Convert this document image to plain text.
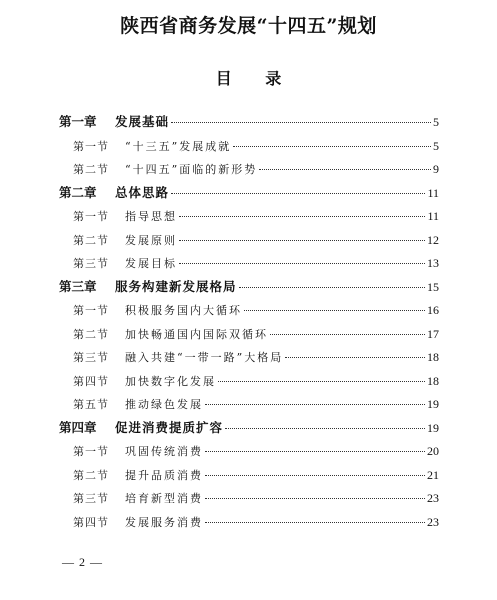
陕西省商务发展“十四五”规划
目 录
第一章	发展基础	5
第一节	“十三五”发展成就	5
第二节	“十四五”面临的新形势	9
第二章	总体思路	11
第一节	指导思想	11
第二节	发展原则	12
第三节	发展目标	13
第三章	服务构建新发展格局	15
第一节	积极服务国内大循环	16
第二节	加快畅通国内国际双循环	17
第三节	融入共建“一带一路”大格局	18
第四节	加快数字化发展	18
第五节	推动绿色发展	19
第四章	促进消费提质扩容	19
第一节	巩固传统消费	20
第二节	提升品质消费	21
第三节	培育新型消费	23
第四节	发展服务消费	23
— 2 —
